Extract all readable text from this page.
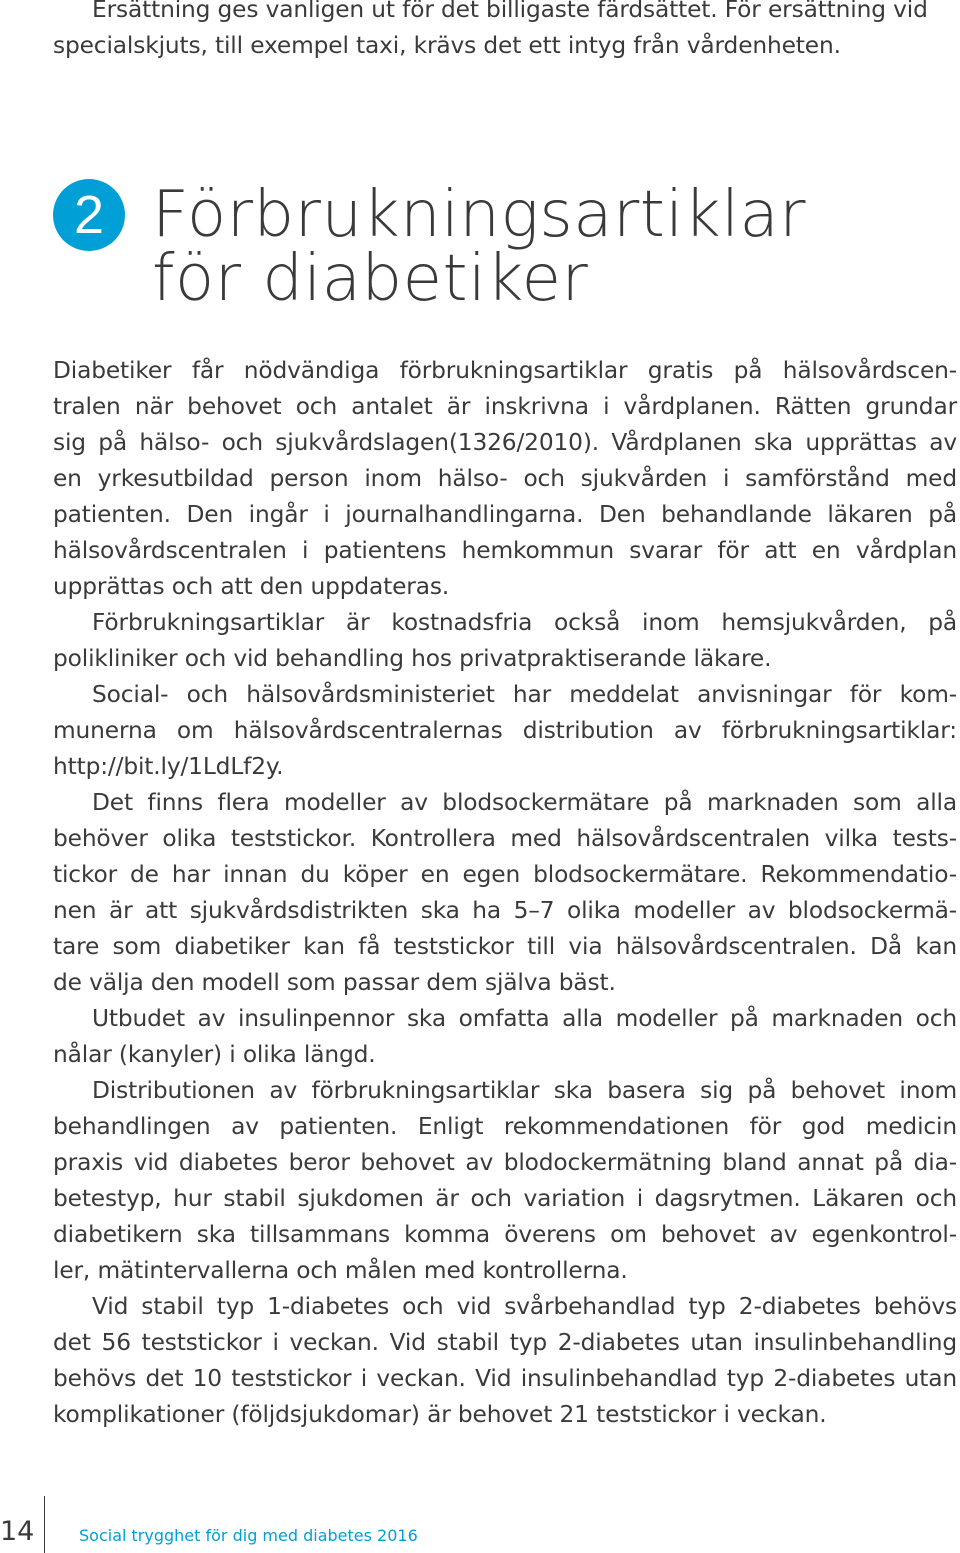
Ersättning ges vanligen ut för det billigaste färdsättet. För ersättning vid

specialskjuts, till exempel taxi, krävs det ett intyg från vårdenheten.

2 Förbrukningsartiklar
för diabetiker

Diabetiker får nödvändiga förbrukningsartiklar gratis på hälsovårdscen-

tralen när behovet och antalet är inskrivna i vårdplanen. Rätten grundar

sig på hälso- och sjukvårdslagen(1326/2010). Vårdplanen ska upprättas av

en yrkesutbildad person inom hälso- och sjukvården i samförstånd med

patienten. Den ingår i journalhandlingarna. Den behandlande läkaren på

hälsovårdscentralen i patientens hemkommun svarar för att en vårdplan

upprättas och att den uppdateras.

Förbrukningsartiklar är kostnadsfria också inom hemsjukvården, på

polikliniker och vid behandling hos privatpraktiserande läkare.

Social- och hälsovårdsministeriet har meddelat anvisningar för kom-

munerna om hälsovårdscentralernas distribution av förbrukningsartiklar:

http://bit.ly/1LdLf2y.

Det finns flera modeller av blodsockermätare på marknaden som alla

behöver olika teststickor. Kontrollera med hälsovårdscentralen vilka tests-

tickor de har innan du köper en egen blodsockermätare. Rekommendatio-

nen är att sjukvårdsdistrikten ska ha 5–7 olika modeller av blodsockermä-

tare som diabetiker kan få teststickor till via hälsovårdscentralen. Då kan

de välja den modell som passar dem själva bäst.

Utbudet av insulinpennor ska omfatta alla modeller på marknaden och

nålar (kanyler) i olika längd.

Distributionen av förbrukningsartiklar ska basera sig på behovet inom

behandlingen av patienten. Enligt rekommendationen för god medicin

praxis vid diabetes beror behovet av blodockermätning bland annat på dia-

betestyp, hur stabil sjukdomen är och variation i dagsrytmen. Läkaren och

diabetikern ska tillsammans komma överens om behovet av egenkontrol-

ler, mätintervallerna och målen med kontrollerna.

Vid stabil typ 1-diabetes och vid svårbehandlad typ 2-diabetes behövs

det 56 teststickor i veckan. Vid stabil typ 2-diabetes utan insulinbehandling

behövs det 10 teststickor i veckan. Vid insulinbehandlad typ 2-diabetes utan

komplikationer (följdsjukdomar) är behovet 21 teststickor i veckan.

14	Social trygghet för dig med diabetes 2016
